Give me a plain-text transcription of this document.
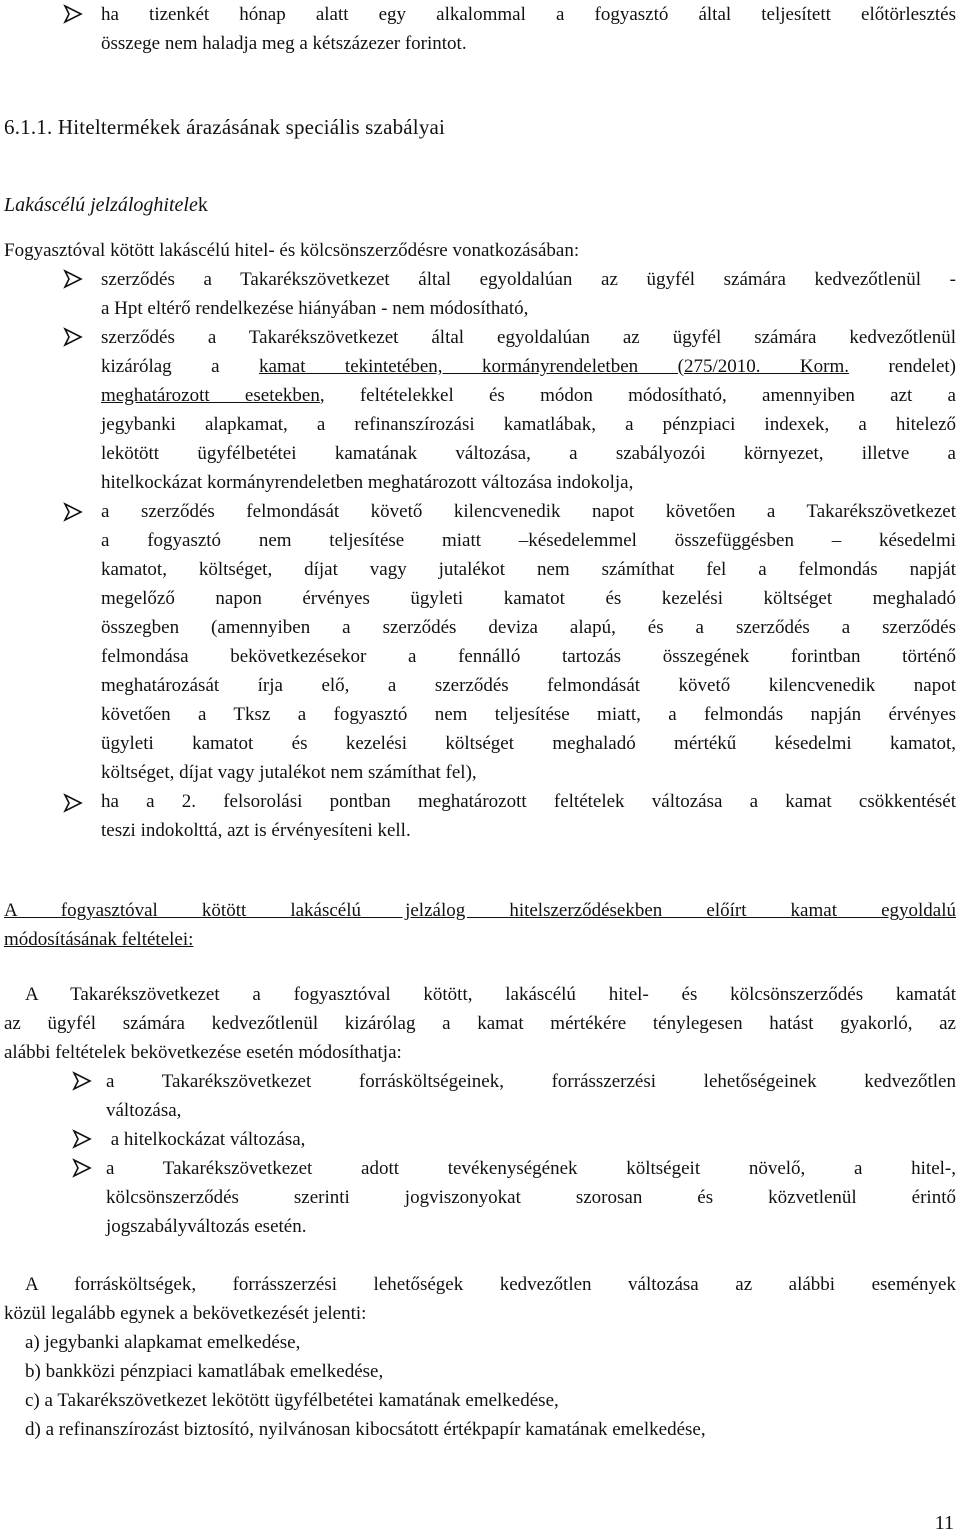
ha tizenkét hónap alatt egy alkalommal a fogyasztó által teljesített előtörlesztés
összege nem haladja meg a kétszázezer forintot.
6.1.1. Hiteltermékek árazásának speciális szabályai
Lakáscélú jelzáloghitelek
Fogyasztóval kötött lakáscélú hitel- és kölcsönszerződésre vonatkozásában:
szerződés a Takarékszövetkezet által egyoldalúan az ügyfél számára kedvezőtlenül -
a Hpt eltérő rendelkezése hiányában - nem módosítható,
szerződés a Takarékszövetkezet által egyoldalúan az ügyfél számára kedvezőtlenül
kizárólag a kamat tekintetében, kormányrendeletben (275/2010. Korm. rendelet)
meghatározott esetekben, feltételekkel és módon módosítható, amennyiben azt a
jegybanki alapkamat, a refinanszírozási kamatlábak, a pénzpiaci indexek, a hitelező
lekötött ügyfélbetétei kamatának változása, a szabályozói környezet, illetve a
hitelkockázat kormányrendeletben meghatározott változása indokolja,
a szerződés felmondását követő kilencvenedik napot követően a Takarékszövetkezet
a fogyasztó nem teljesítése miatt –késedelemmel összefüggésben – késedelmi
kamatot, költséget, díjat vagy jutalékot nem számíthat fel a felmondás napját
megelőző napon érvényes ügyleti kamatot és kezelési költséget meghaladó
összegben (amennyiben a szerződés deviza alapú, és a szerződés a szerződés
felmondása bekövetkezésekor a fennálló tartozás összegének forintban történő
meghatározását írja elő, a szerződés felmondását követő kilencvenedik napot
követően a Tksz a fogyasztó nem teljesítése miatt, a felmondás napján érvényes
ügyleti kamatot és kezelési költséget meghaladó mértékű késedelmi kamatot,
költséget, díjat vagy jutalékot nem számíthat fel),
ha a 2. felsorolási pontban meghatározott feltételek változása a kamat csökkentését
teszi indokolttá, azt is érvényesíteni kell.
A fogyasztóval kötött lakáscélú jelzálog hitelszerződésekben előírt kamat egyoldalú
módosításának feltételei:
A Takarékszövetkezet a fogyasztóval kötött, lakáscélú hitel- és kölcsönszerződés kamatát
az ügyfél számára kedvezőtlenül kizárólag a kamat mértékére ténylegesen hatást gyakorló, az
alábbi feltételek bekövetkezése esetén módosíthatja:
a Takarékszövetkezet forrásköltségeinek, forrásszerzési lehetőségeinek kedvezőtlen
változása,
a hitelkockázat változása,
a Takarékszövetkezet adott tevékenységének költségeit növelő, a hitel-,
kölcsönszerződés szerinti jogviszonyokat szorosan és közvetlenül érintő
jogszabályváltozás esetén.
A forrásköltségek, forrásszerzési lehetőségek kedvezőtlen változása az alábbi események
közül legalább egynek a bekövetkezését jelenti:
a) jegybanki alapkamat emelkedése,
b) bankközi pénzpiaci kamatlábak emelkedése,
c) a Takarékszövetkezet lekötött ügyfélbetétei kamatának emelkedése,
d) a refinanszírozást biztosító, nyilvánosan kibocsátott értékpapír kamatának emelkedése,
11
